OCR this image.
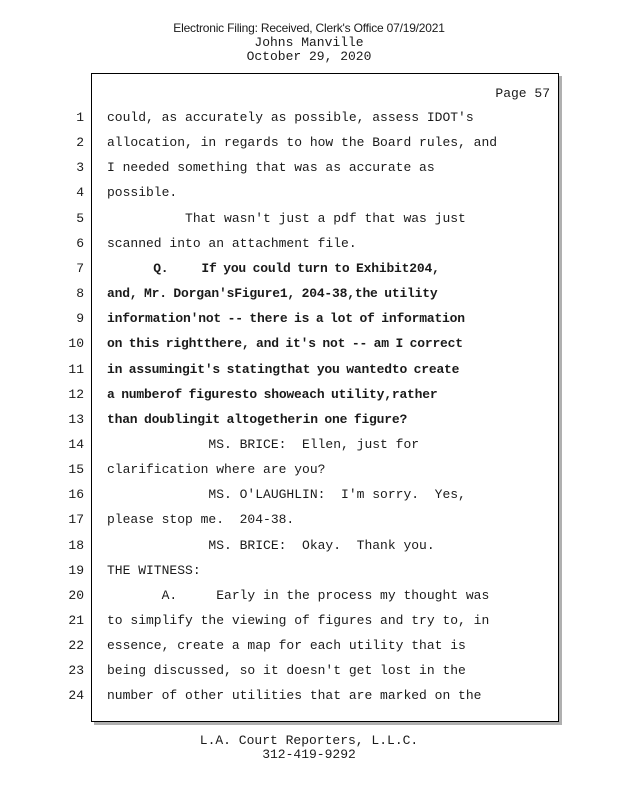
Electronic Filing: Received, Clerk's Office 07/19/2021
Johns Manville
October 29, 2020
Page 57
1 could, as accurately as possible, assess IDOT's
2 allocation, in regards to how the Board rules, and
3 I needed something that was as accurate as
4 possible.
5 That wasn't just a pdf that was just
6 scanned into an attachment file.
7 Q.     If you could turn to Exhibit204,
8 and, Mr. Dorgan'sFigure1, 204-38,the utility
9 information'not -- there is a lot of information
10 on this rightthere, and it's not -- am I correct
11 in assumingit's statingthat you wantedto create
12 a numberof figuresto showeach utility,rather
13 than doublingit altogetherin one figure?
14 MS. BRICE:  Ellen, just for
15 clarification where are you?
16 MS. O'LAUGHLIN:  I'm sorry.  Yes,
17 please stop me.  204-38.
18 MS. BRICE:  Okay.  Thank you.
19 THE WITNESS:
20 A.     Early in the process my thought was
21 to simplify the viewing of figures and try to, in
22 essence, create a map for each utility that is
23 being discussed, so it doesn't get lost in the
24 number of other utilities that are marked on the
L.A. Court Reporters, L.L.C.
312-419-9292
